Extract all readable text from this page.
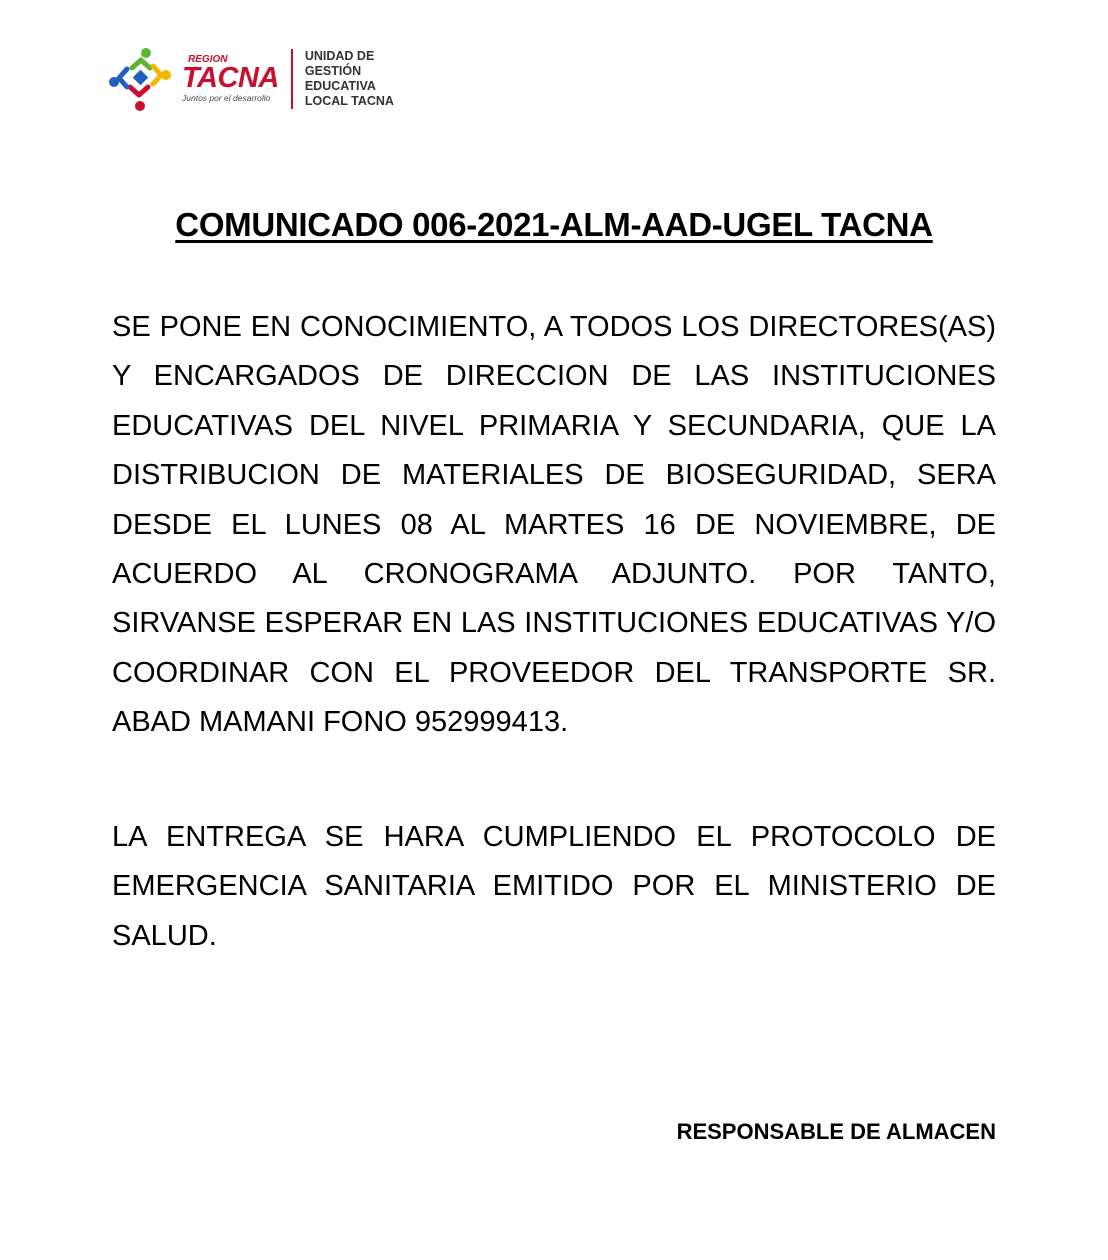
REGION
TACNA
Juntos por el desarrollo
UNIDAD DE
GESTIÓN
EDUCATIVA
LOCAL TACNA
COMUNICADO 006-2021-ALM-AAD-UGEL TACNA

SE PONE EN CONOCIMIENTO, A TODOS LOS DIRECTORES(AS) Y ENCARGADOS DE DIRECCION DE LAS INSTITUCIONES EDUCATIVAS DEL NIVEL PRIMARIA Y SECUNDARIA, QUE LA DISTRIBUCION DE MATERIALES DE BIOSEGURIDAD, SERA DESDE EL LUNES 08 AL MARTES 16 DE NOVIEMBRE, DE ACUERDO AL CRONOGRAMA ADJUNTO. POR TANTO, SIRVANSE ESPERAR EN LAS INSTITUCIONES EDUCATIVAS Y/O COORDINAR CON EL PROVEEDOR DEL TRANSPORTE SR. ABAD MAMANI FONO 952999413.

LA ENTREGA SE HARA CUMPLIENDO EL PROTOCOLO DE EMERGENCIA SANITARIA EMITIDO POR EL MINISTERIO DE SALUD.

RESPONSABLE DE ALMACEN
